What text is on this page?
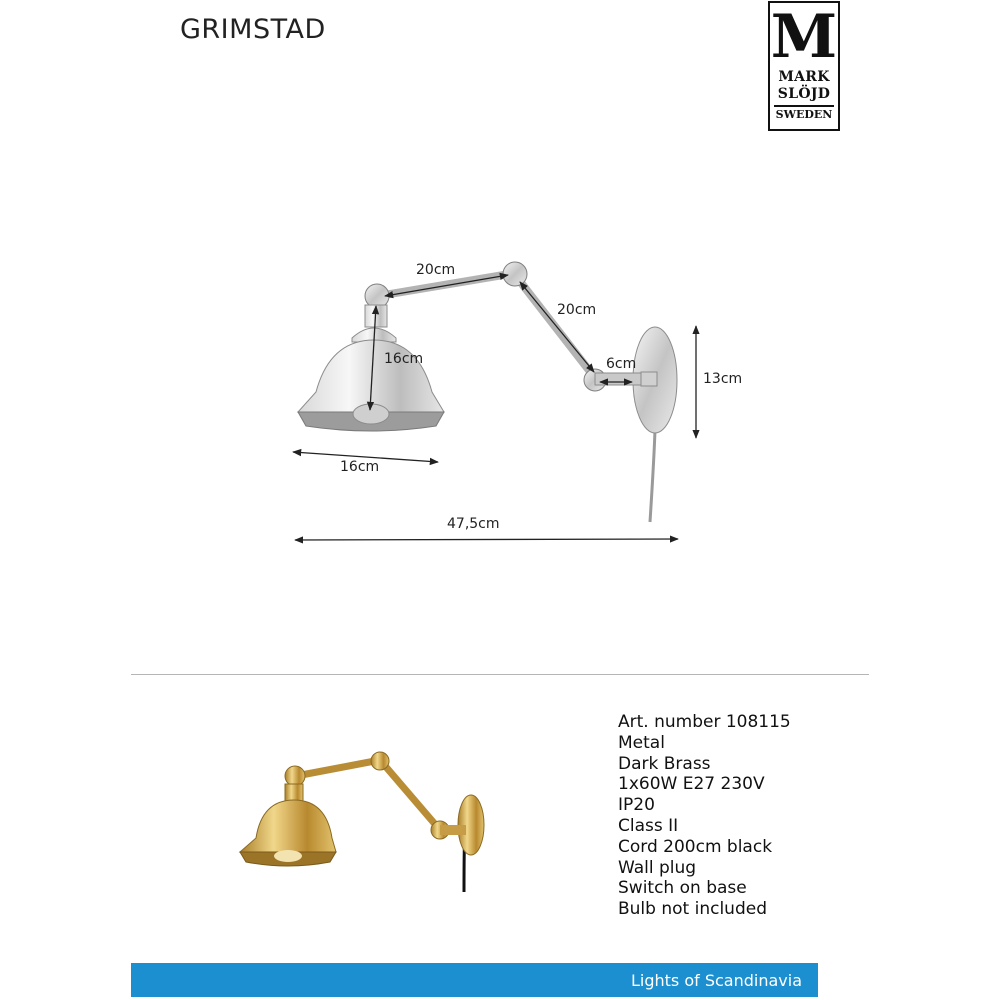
GRIMSTAD	M
MARK
SLÖJD
SWEDEN
20cm
20cm
16cm	6cm
13cm
16cm
47,5cm
Art. number 108115
Metal
Dark Brass
1x60W E27 230V
IP20
Class II
Cord 200cm black
Wall plug
Switch on base
Bulb not included
Lights of Scandinavia
